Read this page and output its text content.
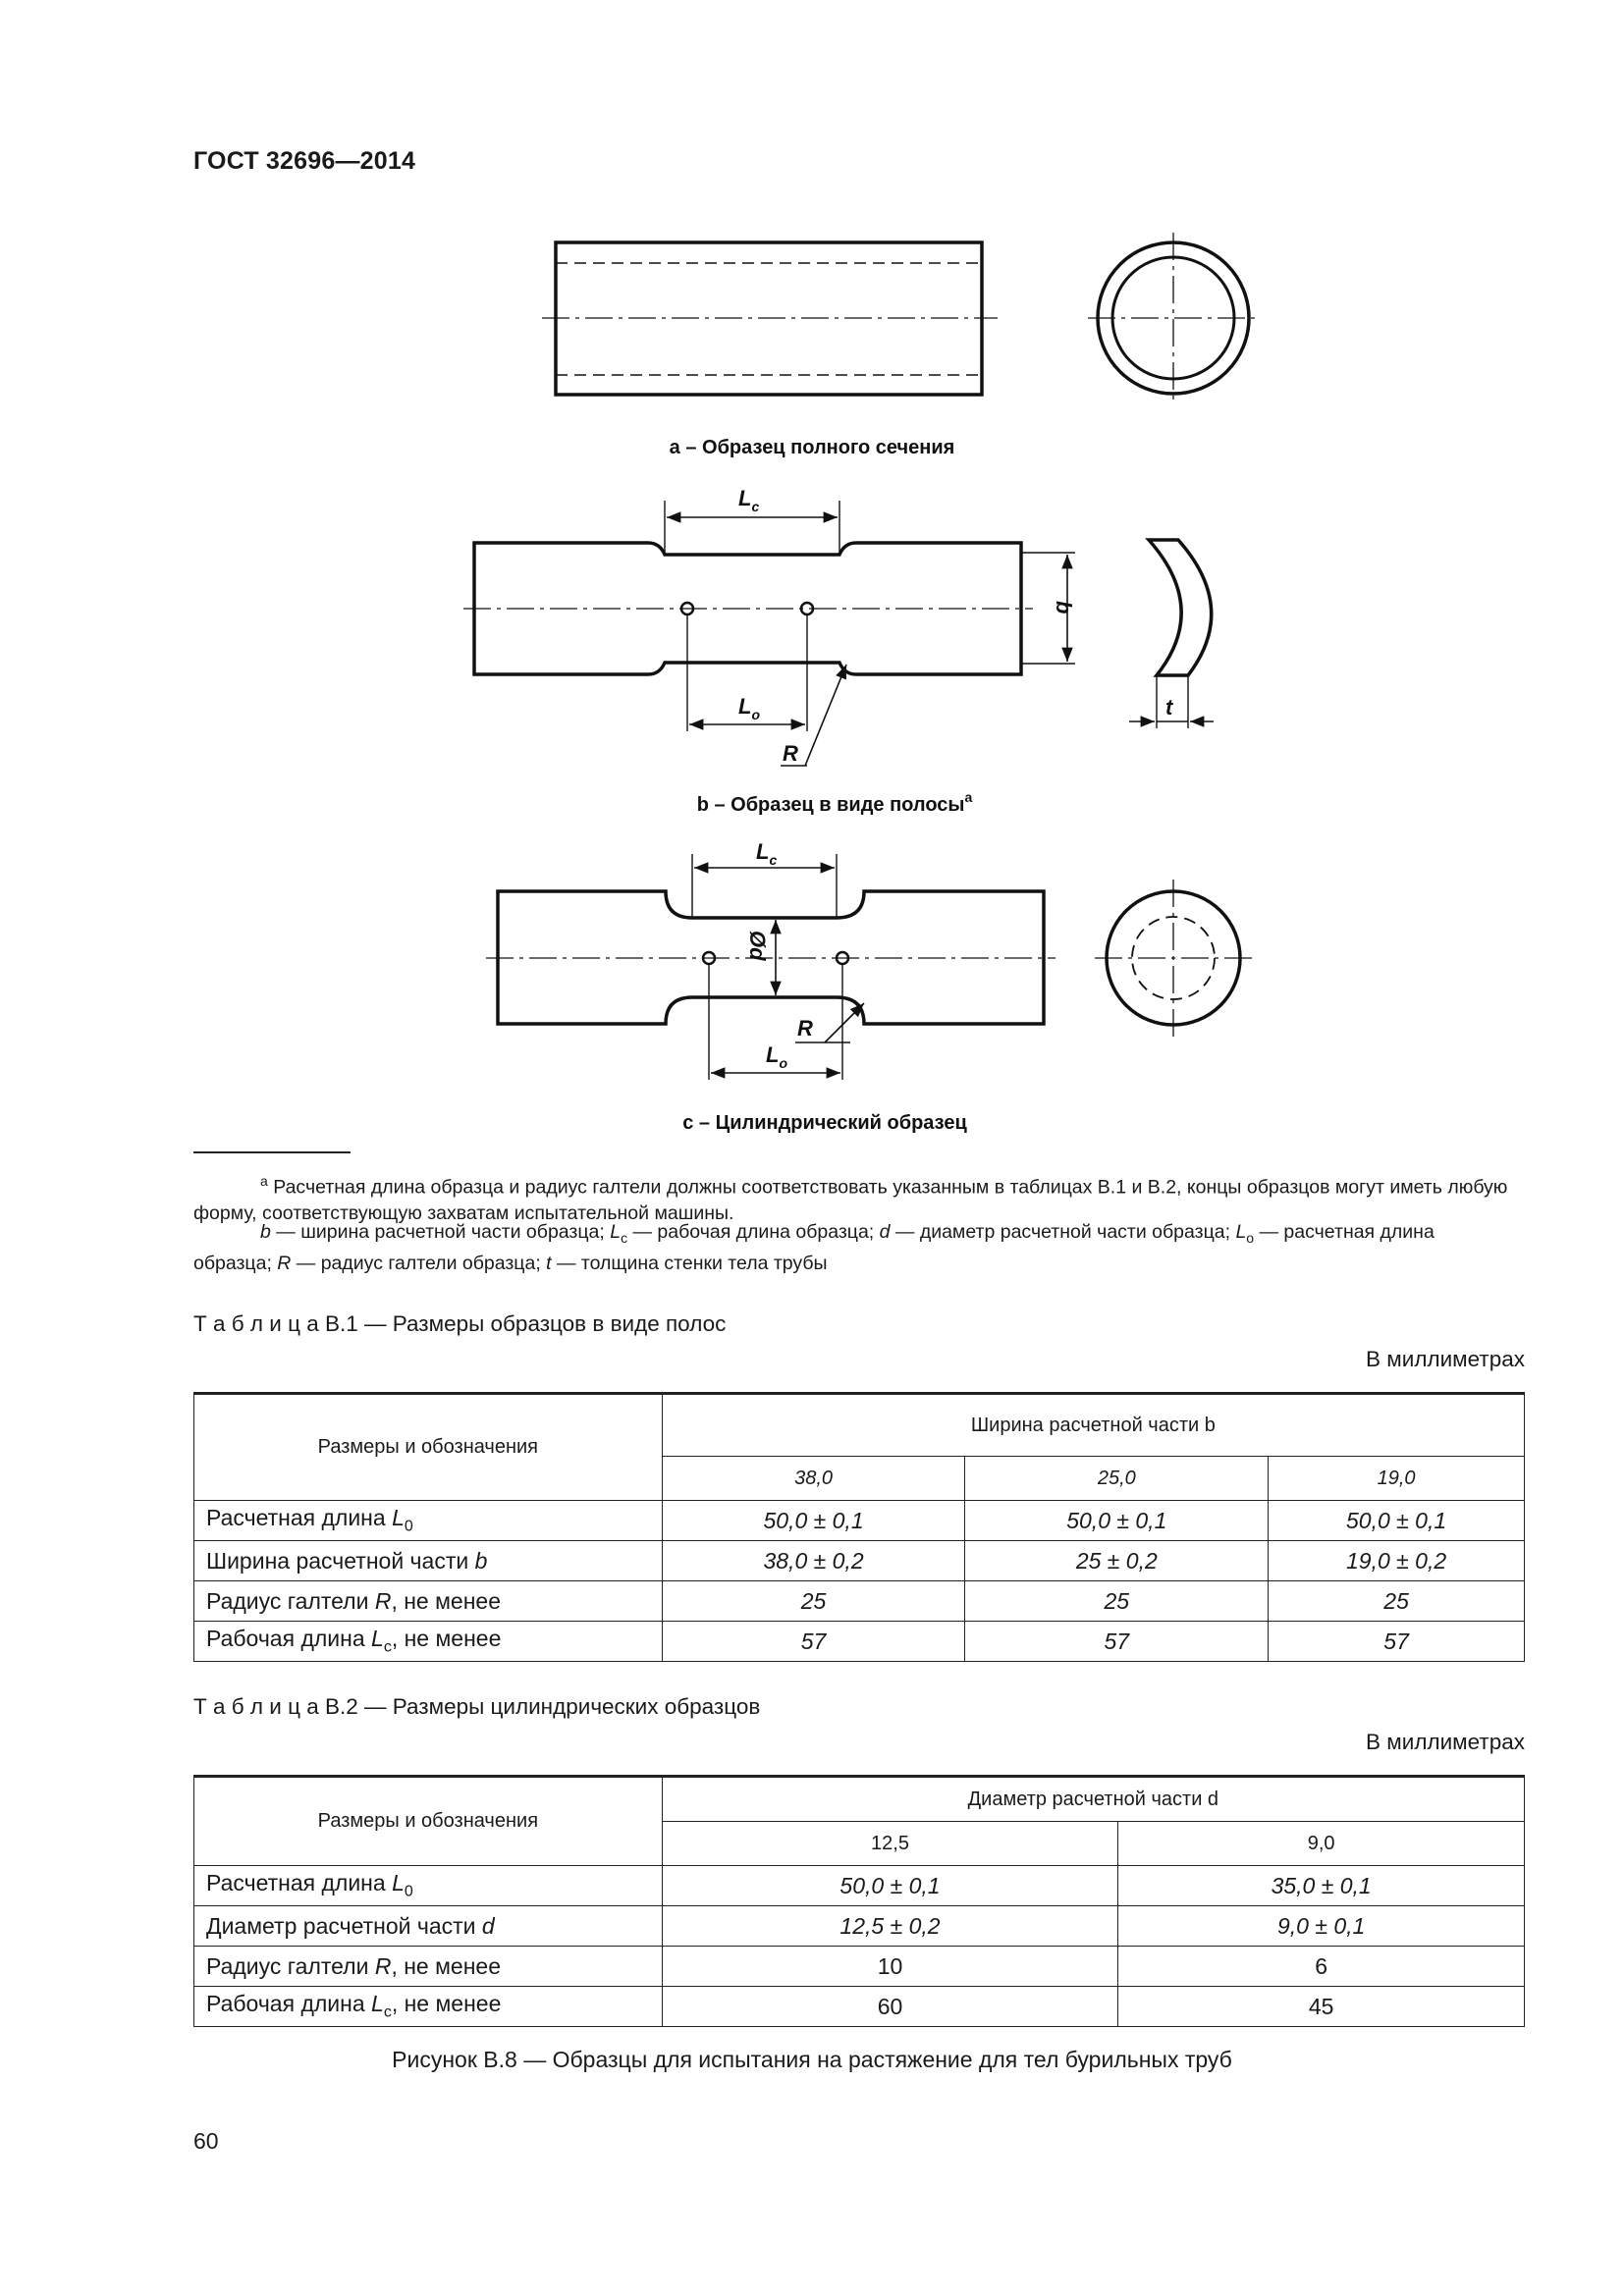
ГОСТ 32696—2014
$L_c$
$L_o$
R
b
t
$L_c$
Ød
R
$L_o$
a – Образец полного сечения
b – Образец в виде полосы$^a$
c – Цилиндрический образец
$^а$ Расчетная длина образца и радиус галтели должны соответствовать указанным в таблицах В.1 и В.2, концы образцов могут иметь любую форму, соответствующую захватам испытательной машины.
b — ширина расчетной части образца; $L_c$ — рабочая длина образца; d — диаметр расчетной части образца; $L_o$ — расчетная длина образца; R — радиус галтели образца; t — толщина стенки тела трубы
Т а б л и ц а В.1 — Размеры образцов в виде полос
В миллиметрах
Размеры и обозначения	Ширина расчетной части b		
	38,0	25,0	19,0
Расчетная длина $L_0$	50,0 ± 0,1	50,0 ± 0,1	50,0 ± 0,1
Ширина расчетной части b	38,0 ± 0,2	25 ± 0,2	19,0 ± 0,2
Радиус галтели R, не менее	25	25	25
Рабочая длина $L_c$, не менее	57	57	57
Т а б л и ц а В.2 — Размеры цилиндрических образцов
В миллиметрах
Размеры и обозначения	Диаметр расчетной части d	
	12,5	9,0
Расчетная длина $L_0$	50,0 ± 0,1	35,0 ± 0,1
Диаметр расчетной части d	12,5 ± 0,2	9,0 ± 0,1
Радиус галтели R, не менее	10	6
Рабочая длина $L_c$, не менее	60	45
Рисунок В.8 — Образцы для испытания на растяжение для тел бурильных труб
60
